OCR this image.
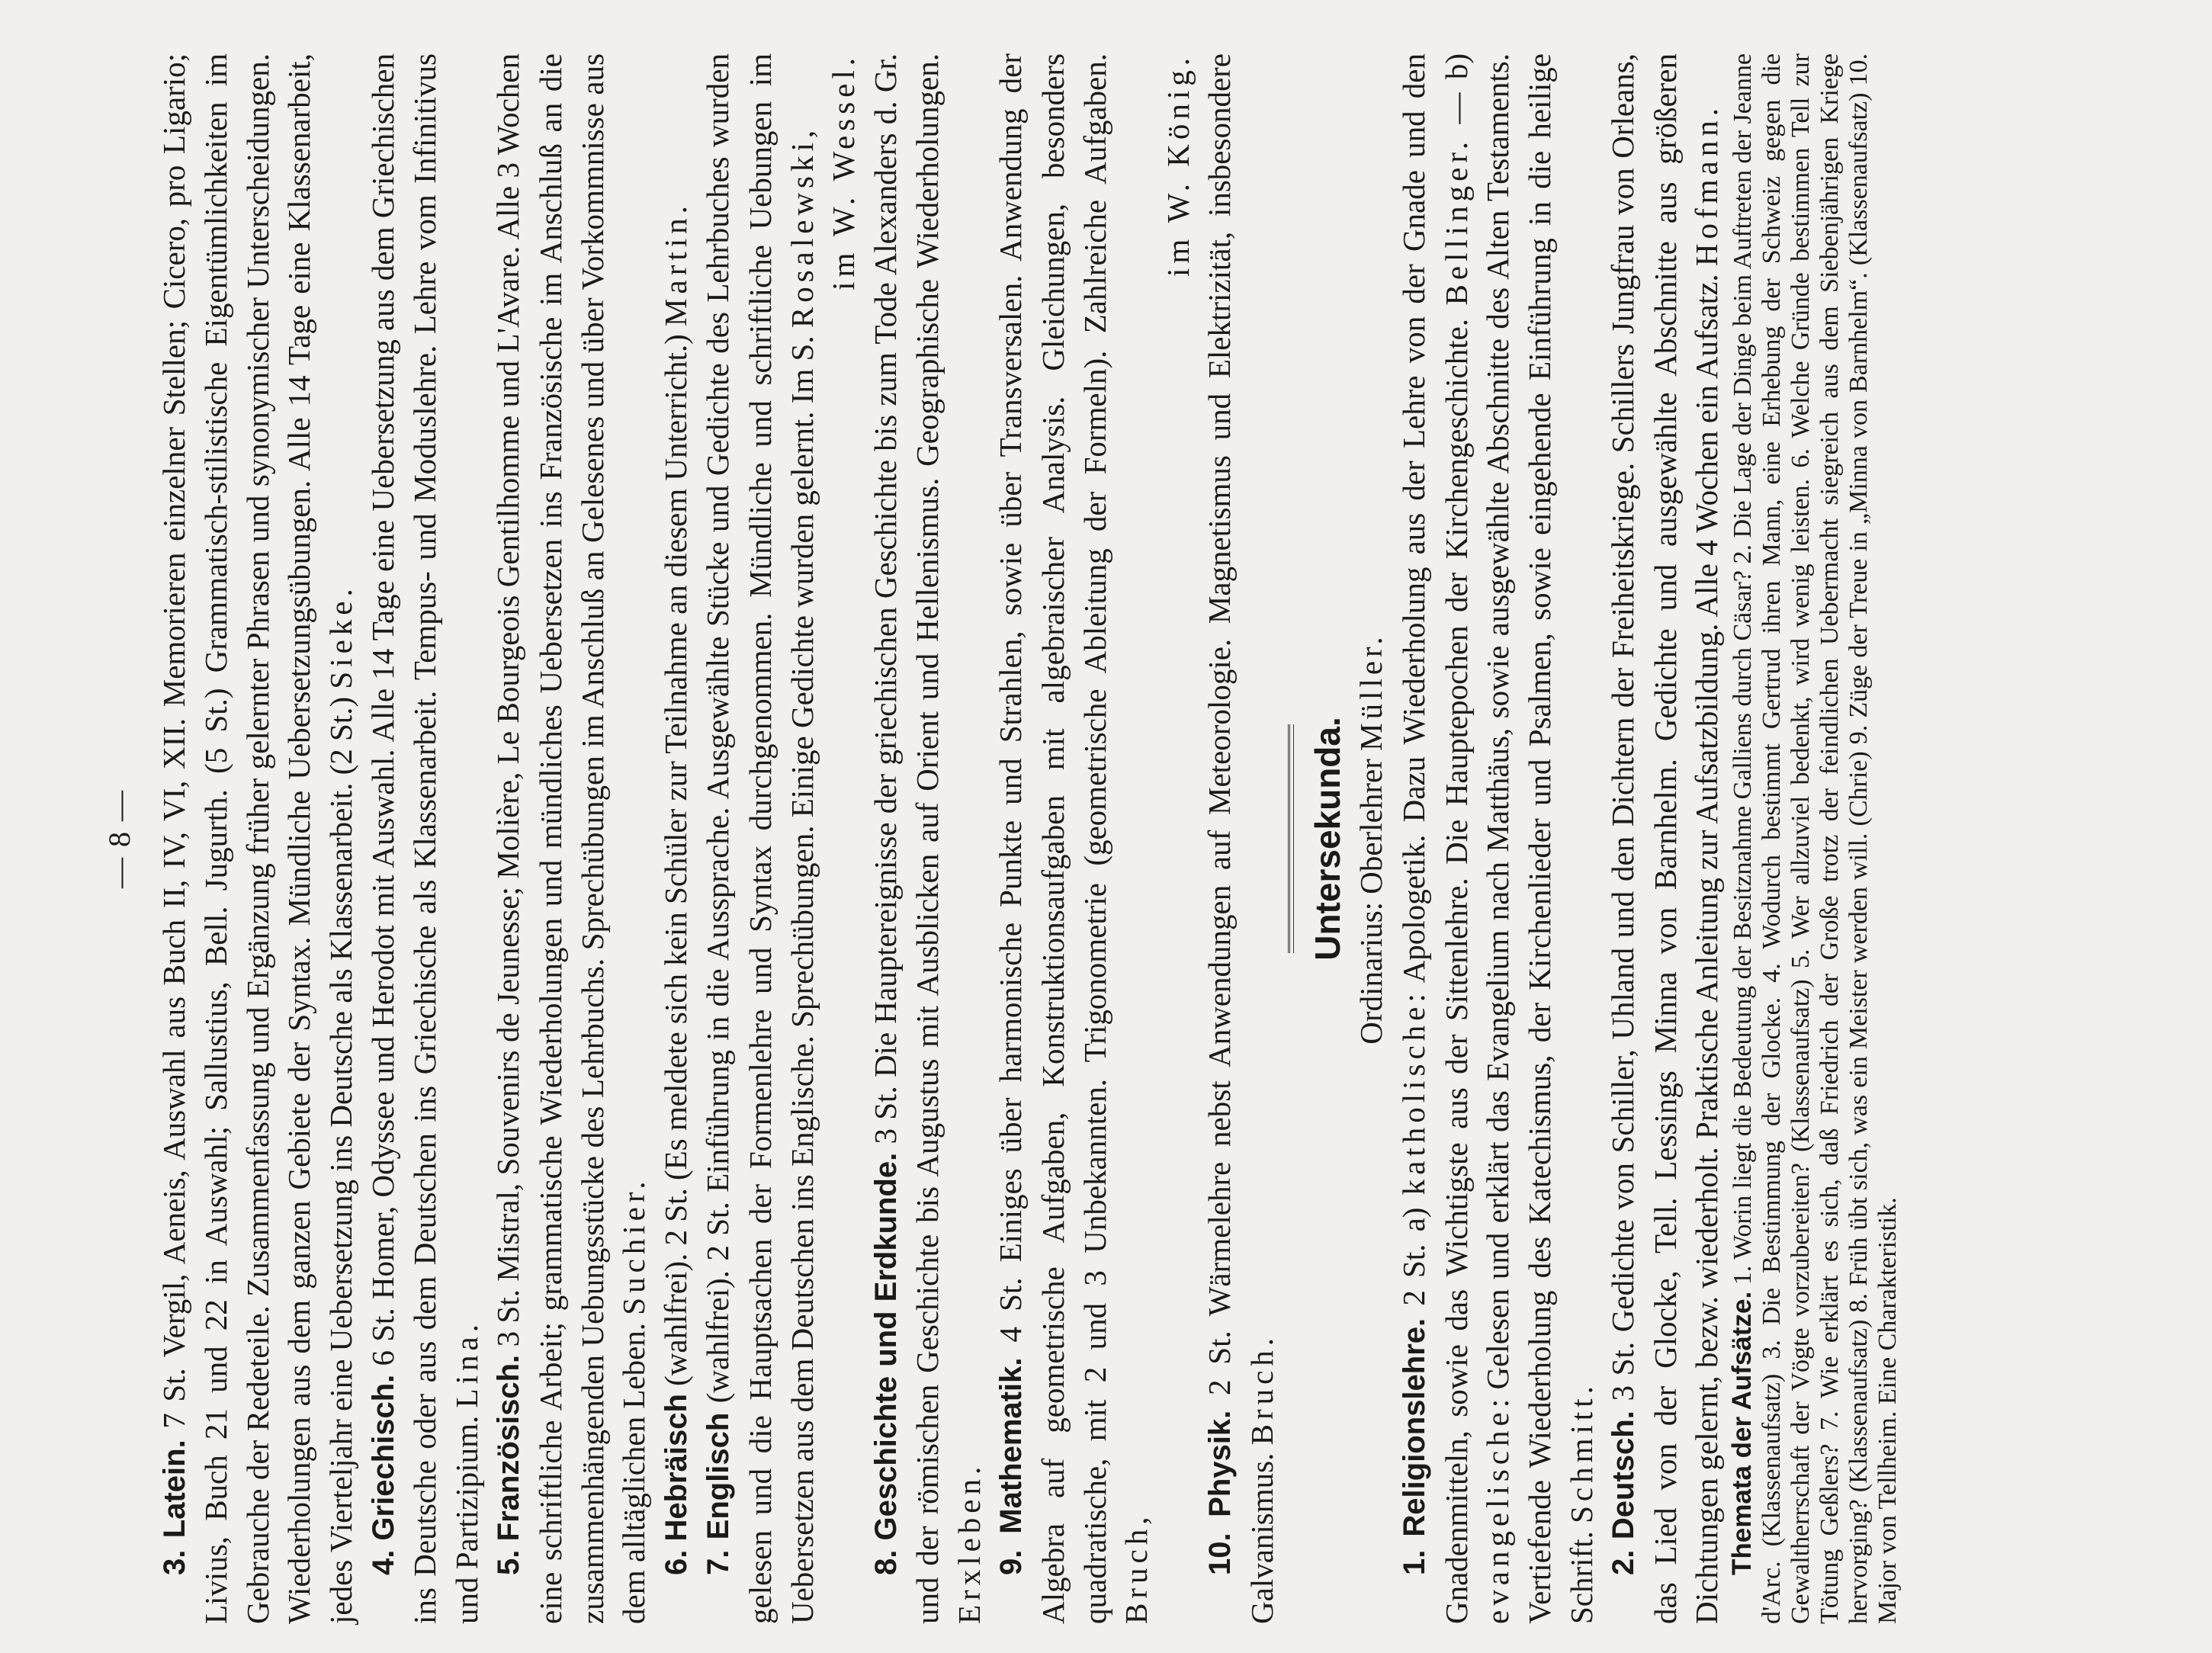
— 8 —

3. Latein. 7 St. Vergil, Aeneis, Auswahl aus Buch II, IV, VI, XII. Memorieren einzelner Stellen; Cicero, pro Ligario; Livius, Buch 21 und 22 in Auswahl; Sallustius, Bell. Jugurth. (5 St.) Grammatisch-stilistische Eigentümlichkeiten im Gebrauche der Redeteile. Zusammenfassung und Ergänzung früher gelernter Phrasen und synonymischer Unterscheidungen. Wiederholungen aus dem ganzen Gebiete der Syntax. Mündliche Uebersetzungsübungen. Alle 14 Tage eine Klassenarbeit, jedes Vierteljahr eine Uebersetzung ins Deutsche als Klassenarbeit. (2 St.) Sieke.

4. Griechisch. 6 St. Homer, Odyssee und Herodot mit Auswahl. Alle 14 Tage eine Uebersetzung aus dem Griechischen ins Deutsche oder aus dem Deutschen ins Griechische als Klassenarbeit. Tempus- und Moduslehre. Lehre vom Infinitivus und Partizipium. Lina. 5. Französisch. 3 St. Mistral, Souvenirs de Jeunesse; Molière, Le Bourgeois Gentilhomme und L'Avare. Alle 3 Wochen eine schriftliche Arbeit; grammatische Wiederholungen und mündliches Uebersetzen ins Französische im Anschluß an die zusammenhängenden Uebungsstücke des Lehrbuchs. Sprechübungen im Anschluß an Gelesenes und über Vorkommnisse aus dem alltäglichen Leben. Suchier.

6. Hebräisch (wahlfrei). 2 St. (Es meldete sich kein Schüler zur Teilnahme an diesem Unterricht.) Martin.

7. Englisch (wahlfrei). 2 St. Einführung in die Aussprache. Ausgewählte Stücke und Gedichte des Lehrbuches wurden gelesen und die Hauptsachen der Formenlehre und Syntax durchgenommen. Mündliche und schriftliche Uebungen im Uebersetzen aus dem Deutschen ins Englische. Sprechübungen. Einige Gedichte wurden gelernt. Im S. Rosalewski, im W. Wessel.

8. Geschichte und Erdkunde. 3 St. Die Hauptereignisse der griechischen Geschichte bis zum Tode Alexanders d. Gr. und der römischen Geschichte bis Augustus mit Ausblicken auf Orient und Hellenismus. Geographische Wiederholungen. Erxleben. 9. Mathematik. 4 St. Einiges über harmonische Punkte und Strahlen, sowie über Transversalen. Anwendung der Algebra auf geometrische Aufgaben, Konstruktionsaufgaben mit algebraischer Analysis. Gleichungen, besonders quadratische, mit 2 und 3 Unbekannten. Trigonometrie (geometrische Ableitung der Formeln). Zahlreiche Aufgaben. Bruch,

im W. König.

10. Physik. 2 St. Wärmelehre nebst Anwendungen auf Meteorologie. Magnetismus und Elektrizität, insbesondere Galvanismus. Bruch.

Untersekunda. Ordinarius: Oberlehrer Müller.

1. Religionslehre. 2 St. a) katholische: Apologetik. Dazu Wiederholung aus der Lehre von der Gnade und den Gnadenmitteln, sowie das Wichtigste aus der Sittenlehre. Die Hauptepochen der Kirchengeschichte. Bellinger. — b) evangelische: Gelesen und erklärt das Evangelium nach Matthäus, sowie ausgewählte Abschnitte des Alten Testaments. Vertiefende Wiederholung des Katechismus, der Kirchenlieder und Psalmen, sowie eingehende Einführung in die heilige Schrift. Schmitt. 2. Deutsch. 3 St. Gedichte von Schiller, Uhland und den Dichtern der Freiheitskriege. Schillers Jungfrau von Orleans, das Lied von der Glocke, Tell. Lessings Minna von Barnhelm. Gedichte und ausgewählte Abschnitte aus größeren Dichtungen gelernt, bezw. wiederholt. Praktische Anleitung zur Aufsatzbildung. Alle 4 Wochen ein Aufsatz. Hofmann.

Themata der Aufsätze. 1. Worin liegt die Bedeutung der Besitznahme Galliens durch Cäsar? 2. Die Lage der Dinge beim Auftreten der Jeanne d'Arc. (Klassenaufsatz) 3. Die Bestimmung der Glocke. 4. Wodurch bestimmt Gertrud ihren Mann, eine Erhebung der Schweiz gegen die Gewaltherrschaft der Vögte vorzubereiten? (Klassenaufsatz) 5. Wer allzuviel bedenkt, wird wenig leisten. 6. Welche Gründe bestimmen Tell zur Tötung Geßlers? 7. Wie erklärt es sich, daß Friedrich der Große trotz der feindlichen Uebermacht siegreich aus dem Siebenjährigen Kriege hervorging? (Klassenaufsatz) 8. Früh übt sich, was ein Meister werden will. (Chrie) 9. Züge der Treue in „Minna von Barnhelm“. (Klassenaufsatz) 10. Major von Tellheim. Eine Charakteristik.
